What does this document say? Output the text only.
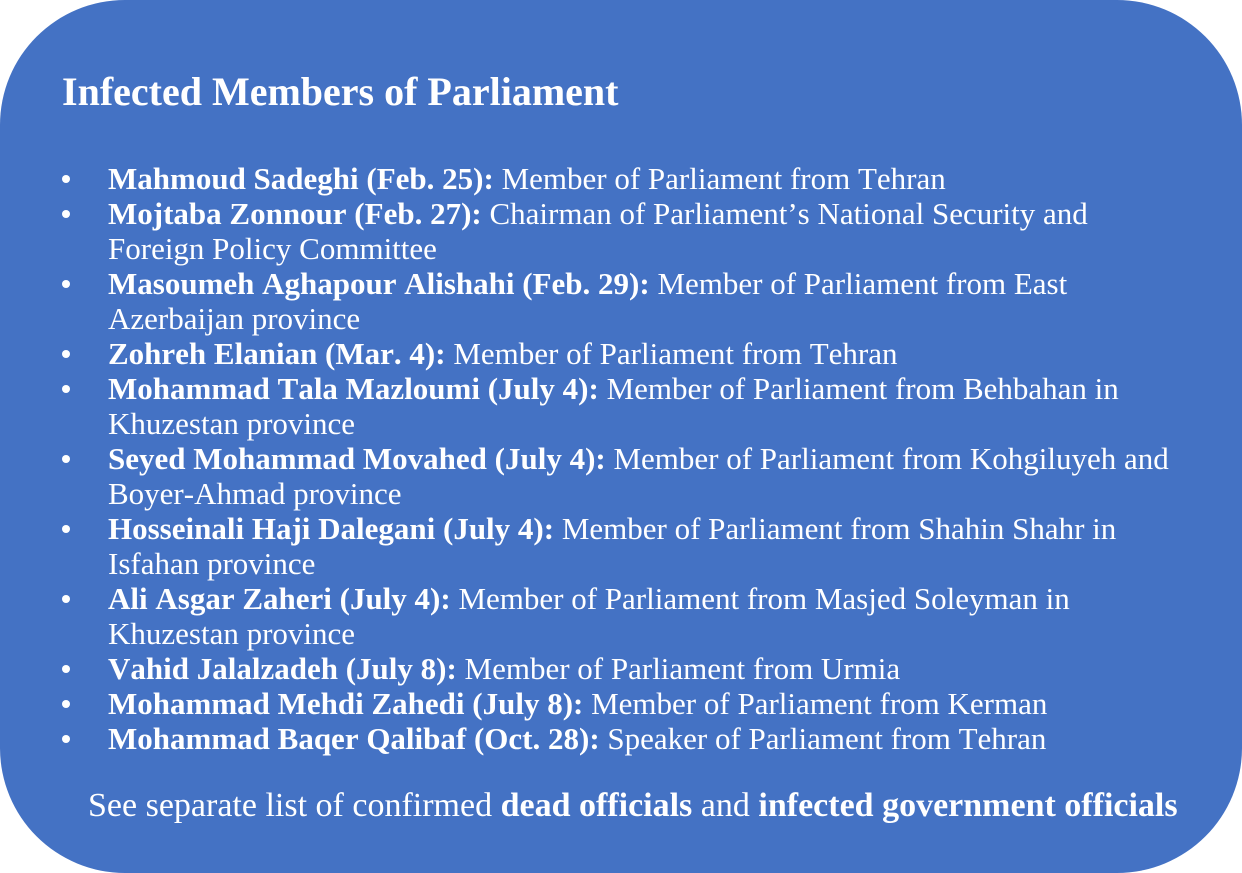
Infected Members of Parliament
Mahmoud Sadeghi (Feb. 25): Member of Parliament from Tehran
Mojtaba Zonnour (Feb. 27): Chairman of Parliament’s National Security and Foreign Policy Committee
Masoumeh Aghapour Alishahi (Feb. 29): Member of Parliament from East Azerbaijan province
Zohreh Elanian (Mar. 4): Member of Parliament from Tehran
Mohammad Tala Mazloumi (July 4): Member of Parliament from Behbahan in Khuzestan province
Seyed Mohammad Movahed (July 4): Member of Parliament from Kohgiluyeh and Boyer-Ahmad province
Hosseinali Haji Dalegani (July 4): Member of Parliament from Shahin Shahr in Isfahan province
Ali Asgar Zaheri (July 4): Member of Parliament from Masjed Soleyman in Khuzestan province
Vahid Jalalzadeh (July 8): Member of Parliament from Urmia
Mohammad Mehdi Zahedi (July 8): Member of Parliament from Kerman
Mohammad Baqer Qalibaf (Oct. 28): Speaker of Parliament from Tehran

See separate list of confirmed dead officials and infected government officials
